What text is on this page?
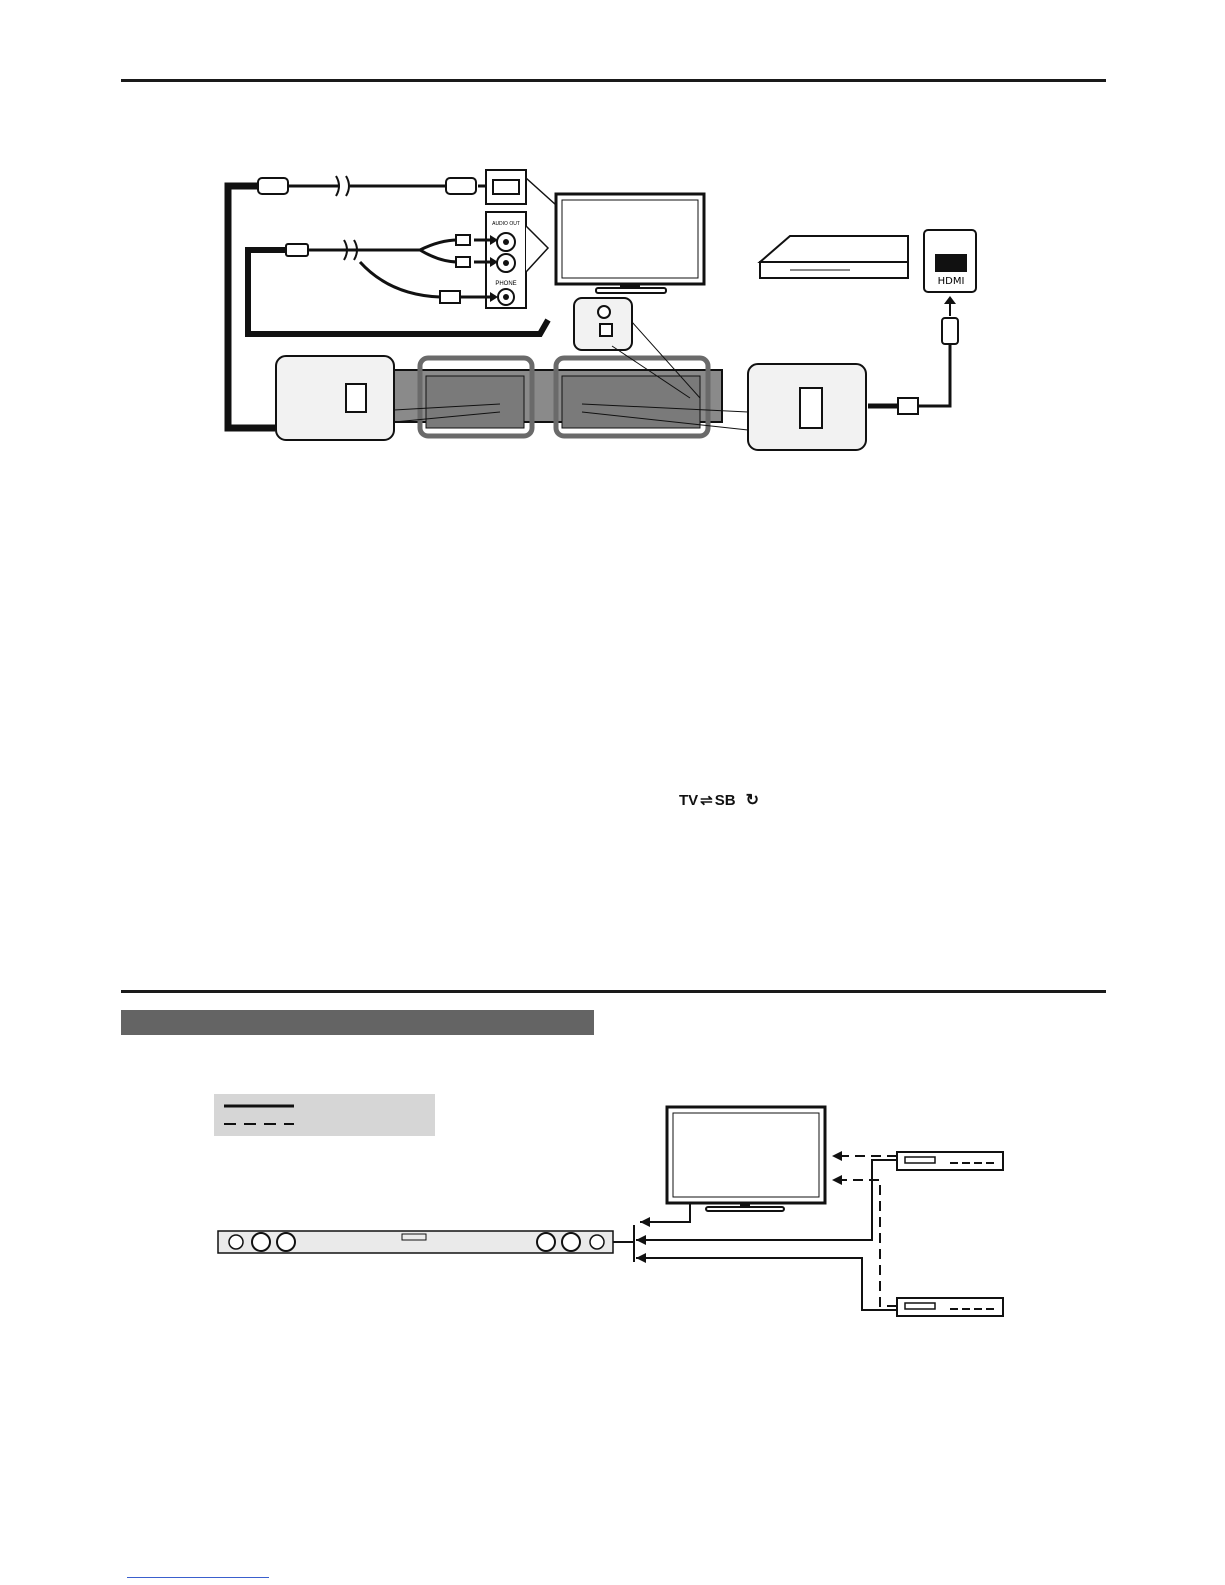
AUDIO OUT
PHONE	HDMI
TV ⇌ SB ↻
